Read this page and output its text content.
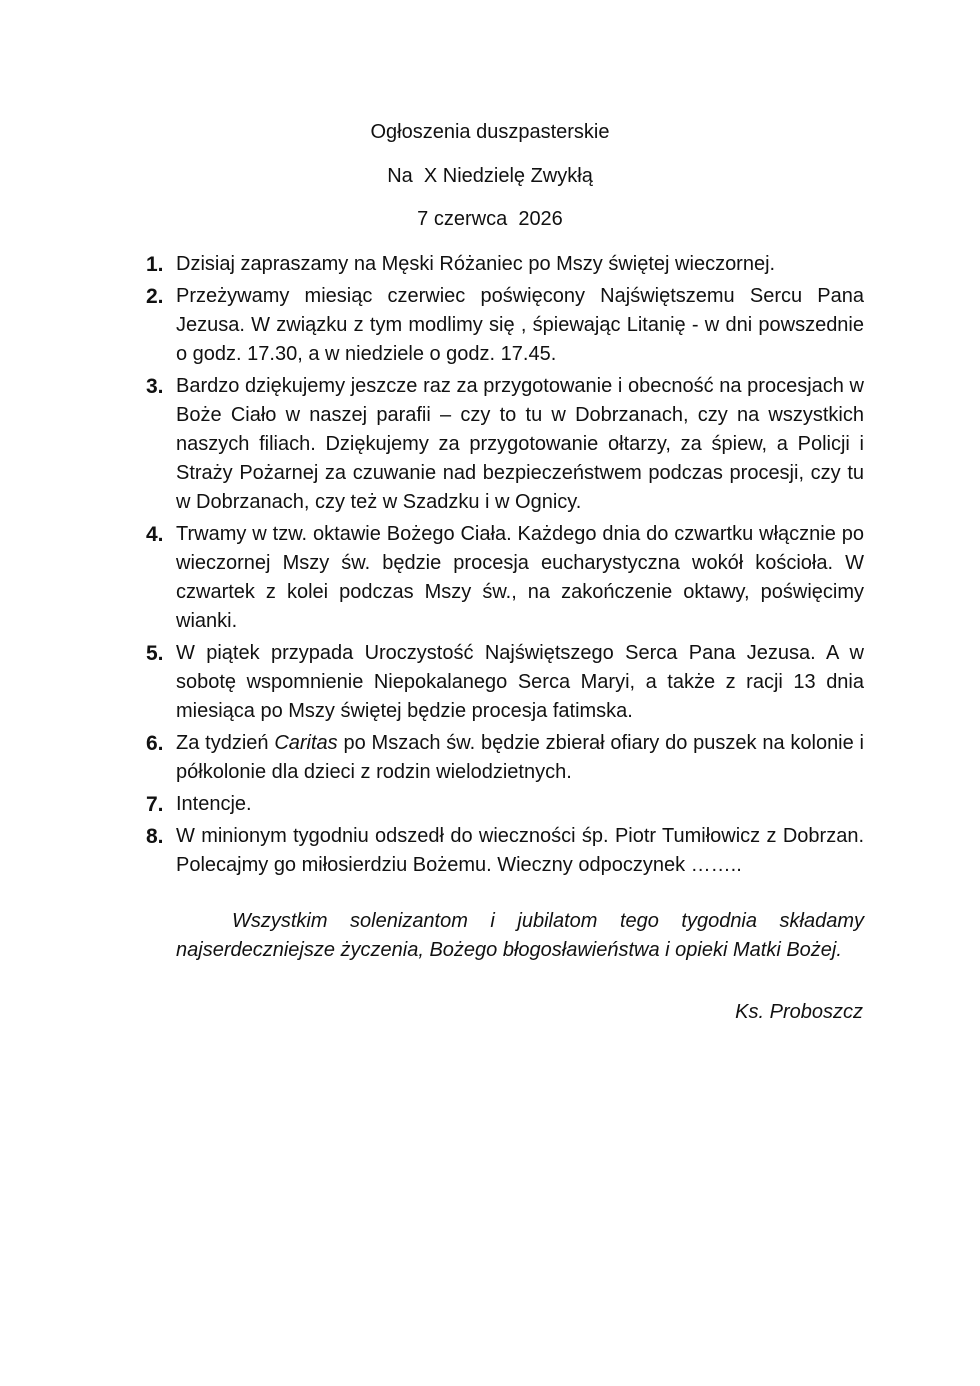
Ogłoszenia duszpasterskie
Na  X Niedzielę Zwykłą
7 czerwca  2026
1. Dzisiaj zapraszamy na Męski Różaniec po Mszy świętej wieczornej.
2. Przeżywamy miesiąc czerwiec poświęcony Najświętszemu Sercu Pana Jezusa. W związku z tym modlimy się , śpiewając Litanię - w dni powszednie o godz. 17.30, a w niedziele o godz. 17.45.
3. Bardzo dziękujemy jeszcze raz za przygotowanie i obecność na procesjach w Boże Ciało w naszej parafii – czy to tu w Dobrzanach, czy na wszystkich naszych filiach. Dziękujemy za przygotowanie ołtarzy, za śpiew, a Policji i Straży Pożarnej za czuwanie nad bezpieczeństwem podczas procesji, czy tu w Dobrzanach, czy też w Szadzku i w Ognicy.
4. Trwamy w tzw. oktawie Bożego Ciała. Każdego dnia do czwartku włącznie po wieczornej Mszy św. będzie procesja eucharystyczna wokół kościoła. W czwartek z kolei podczas Mszy św., na zakończenie oktawy, poświęcimy wianki.
5. W piątek przypada Uroczystość Najświętszego Serca Pana Jezusa. A w sobotę wspomnienie Niepokalanego Serca Maryi, a także z racji 13 dnia miesiąca po Mszy świętej będzie procesja fatimska.
6. Za tydzień Caritas po Mszach św. będzie zbierał ofiary do puszek na kolonie i półkolonie dla dzieci z rodzin wielodzietnych.
7. Intencje.
8. W minionym tygodniu odszedł do wieczności śp. Piotr Tumiłowicz z Dobrzan. Polecajmy go miłosierdziu Bożemu. Wieczny odpoczynek ……..
Wszystkim solenizantom i jubilatom tego tygodnia składamy najserdeczniejsze życzenia, Bożego błogosławieństwa i opieki Matki Bożej.
Ks. Proboszcz
